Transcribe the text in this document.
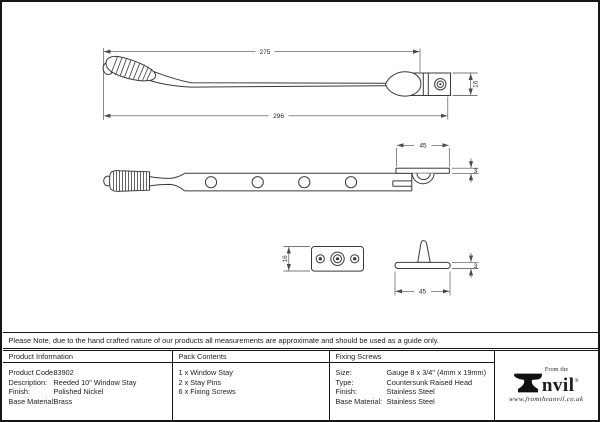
275
296
16
45
3
16
3
45
Please Note, due to the hand crafted nature of our products all measurements are approximate and should be used as a guide only.
Product Information
Product Code:
83902
Description: Reeded 10" Window Stay
Finish:	Polished Nickel
Base Material:
Brass
Pack Contents
1 x Window Stay
2 x Stay Pins
6 x Fixing Screws
Fixing Screws
Size:	Gauge 8 x 3/4" (4mm x 19mm)
Type:	Countersunk Raised Head
Finish:	Stainless Steel
Base Material: Stainless Steel
From the
nvil®
www.fromtheanvil.co.uk
